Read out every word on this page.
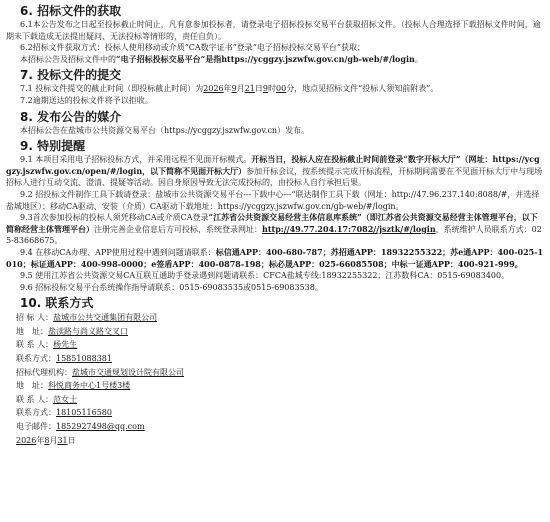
6. 招标文件的获取

6.1本公告发布之日起至投标截止时间止，凡有意参加投标者，请登录电子招标投标交易平台获取招标文件。（投标人合理选择下载招标文件时间，逾期未下载造成无法提出疑问、无法投标等情形的，责任自负）。

6.2招标文件获取方式：投标人使用移动或介质“CA数字证书”登录“电子招标投标交易平台”获取；

本招标公告及招标文件中的“电子招标投标交易平台”是指https://ycggzy.jszwfw.gov.cn/gb-web/#/login。

7. 投标文件的提交

7.1 投标文件提交的截止时间（即投标截止时间）为2026年9月21日9时00分，地点见招标文件“投标人须知前附表”。

7.2逾期送达的投标文件将予以拒收。

8. 发布公告的媒介

本招标公告在盐城市公共资源交易平台（https://ycggzy.jszwfw.gov.cn）发布。

9. 特别提醒

9.1 本项目采用电子招标投标方式，并采用远程不见面开标模式。开标当日，投标人应在投标截止时间前登录“数字开标大厅”（网址：https://ycggzy.jszwfw.gov.cn/open/#/login，以下简称不见面开标大厅）参加开标会议，按系统提示完成开标流程，开标期间需要在不见面开标大厅中与现场招标人进行互动交流、澄清、提疑等活动。因自身原因导致无法完成投标的，由投标人自行承担后果。

9.2 招投标文件制作工具下载请登录：盐城市公共资源交易平台---下载中心---“联达制作工具下载（网址：http://47.96.237.140:8088/#，并选择盐城地区）；移动CA驱动、安装（介质）CA驱动下载地址：https://ycggzy.jszwfw.gov.cn/gb-web/#/login。

9.3首次参加投标的投标人须凭移动CA或介质CA登录“江苏省公共资源交易经营主体信息库系统”（即江苏省公共资源交易经营主体管理平台，以下简称经营主体管理平台）注册完善企业信息后方可投标，系统登录网址：http://49.77.204.17:7082//jsztk/#/login，系统维护人员联系方式：025-83668675。

9.4 在移动CA办理、APP使用过程中遇到问题请联系：标信通APP：400-680-787；苏招通APP：18932255322；苏e通APP：400-025-1010；标证通APP：400-998-0000；e签盾APP：400-0878-198；标必晟APP：025-66085508；中标一证通APP：400-921-999。

9.5 使用江苏省公共资源交易CA互联互通助手登录遇到问题请联系：CFCA盐城专线:18932255322；江苏数科CA：0515-69083400。

9.6 招标投标交易平台系统操作指导请联系：0515-69083535或0515-69083538。

10. 联系方式

招 标 人：盐城市公共交通集团有限公司

地　址：盐渎路与尚义路交叉口

联 系 人：杨先生

联系方式：15851088381

招标代理机构：盐城市交通规划设计院有限公司

地　址：科悦商务中心1号楼3楼

联 系 人：范女士

联系方式：18105116580

电子邮件：1852927498@qq.com

2026年8月31日
